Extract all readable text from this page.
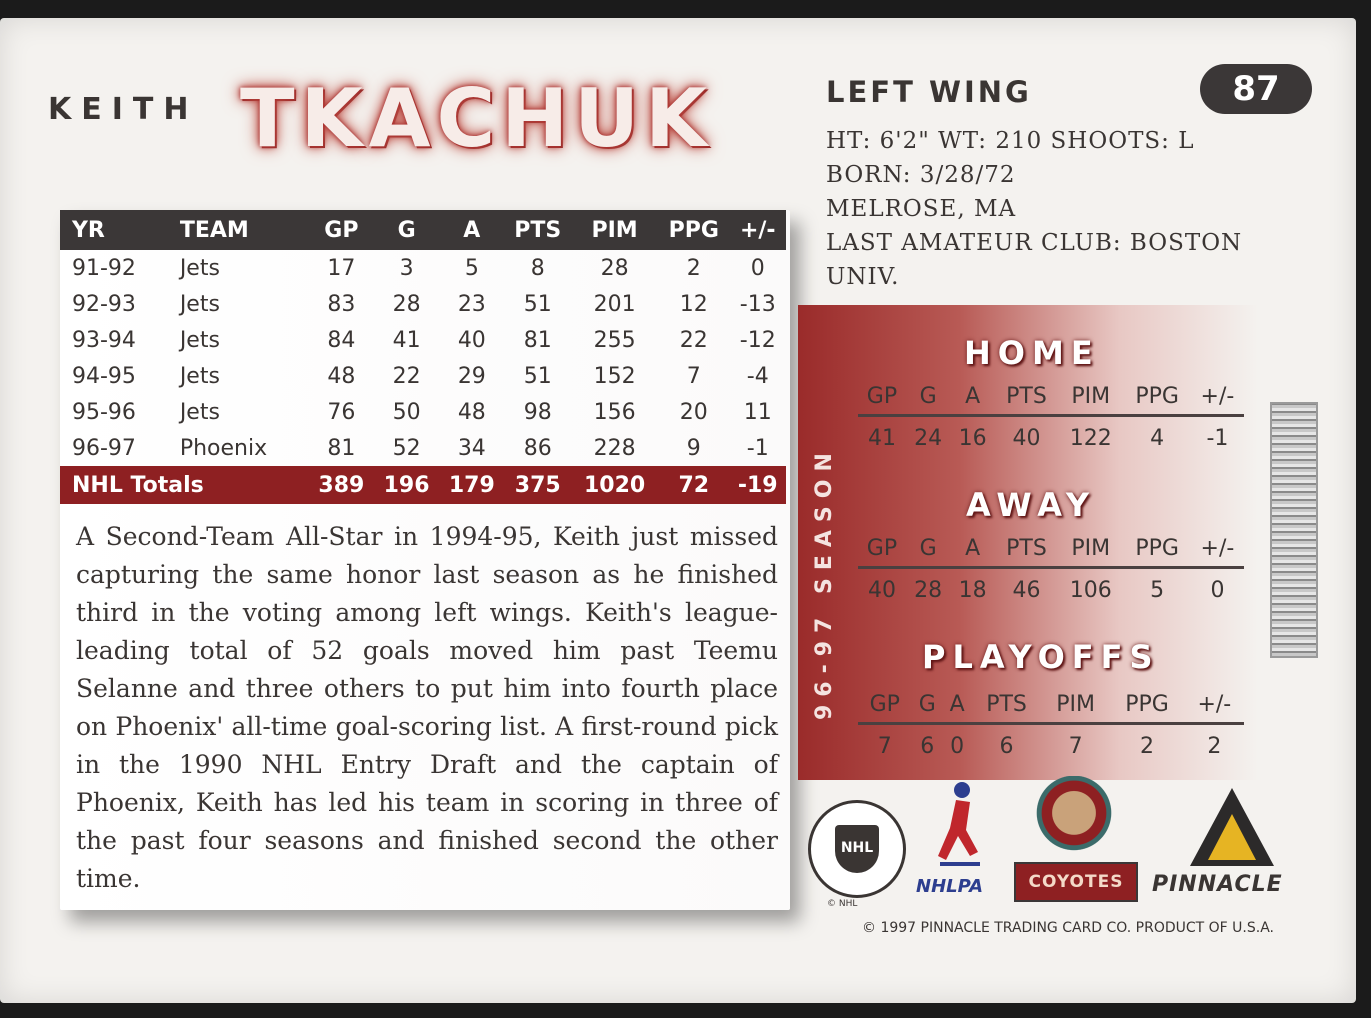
KEITH TKACHUK
YR	TEAM	GP	G	A	PTS	PIM	PPG	+/-
91-92	Jets	17	3	5	8	28	2	0
92-93	Jets	83	28	23	51	201	12	-13
93-94	Jets	84	41	40	81	255	22	-12
94-95	Jets	48	22	29	51	152	7	-4
95-96	Jets	76	50	48	98	156	20	11
96-97	Phoenix	81	52	34	86	228	9	-1
NHL Totals		389	196	179	375	1020	72	-19
A Second-Team All-Star in 1994-95, Keith just missed capturing the same honor last season as he finished third in the voting among left wings. Keith's league-leading total of 52 goals moved him past Teemu Selanne and three others to put him into fourth place on Phoenix' all-time goal-scoring list. A first-round pick in the 1990 NHL Entry Draft and the captain of Phoenix, Keith has led his team in scoring in three of the past four seasons and finished second the other time.
LEFT WING	87
HT: 6'2" WT: 210 SHOOTS: L
BORN: 3/28/72
MELROSE, MA
LAST AMATEUR CLUB: BOSTON
UNIV.
96-97 SEASON
HOME
GP	G	A	PTS	PIM	PPG	+/-
41	24	16	40	122	4	-1
AWAY
GP	G	A	PTS	PIM	PPG	+/-
40	28	18	46	106	5	0
PLAYOFFS
GP	G	A	PTS	PIM	PPG	+/-
7	6	0	6	7	2	2
NHL
© NHL
NHLPA	COYOTES	PINNACLE
© 1997 PINNACLE TRADING CARD CO. PRODUCT OF U.S.A.
